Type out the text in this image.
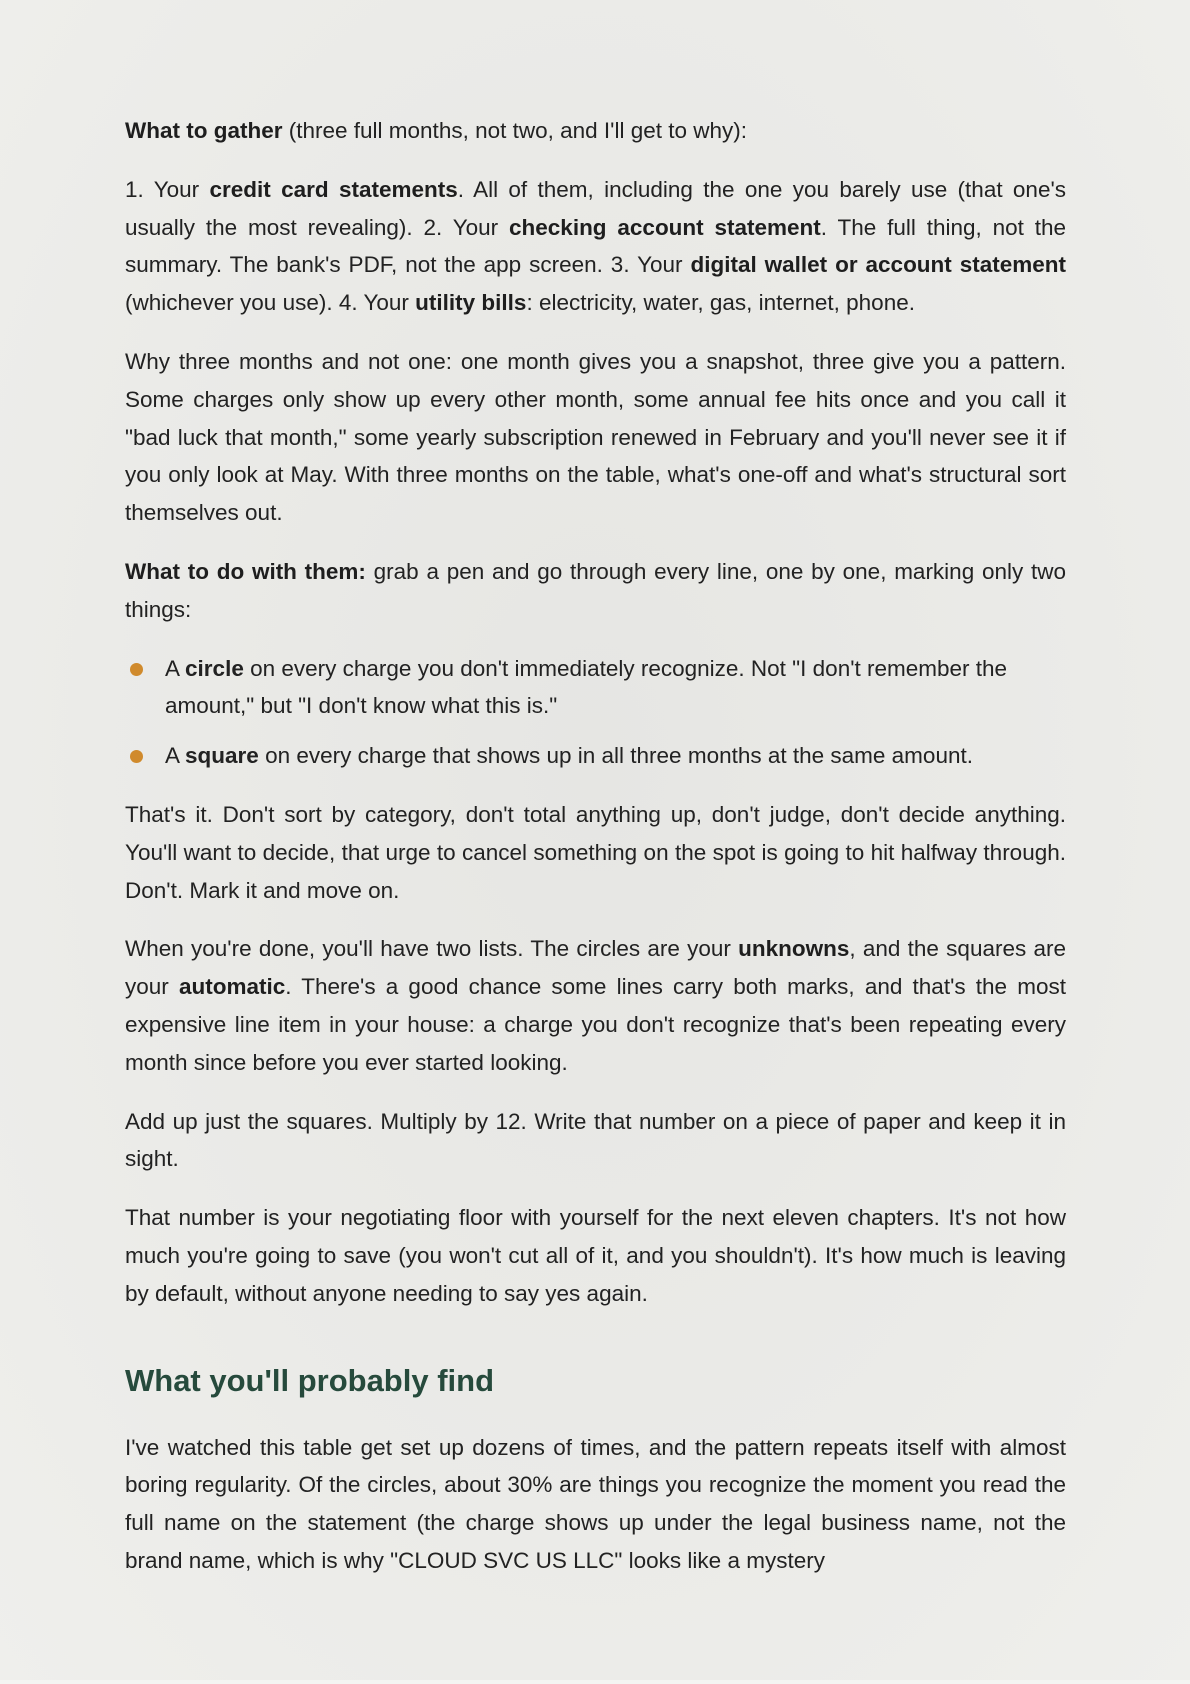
What to gather (three full months, not two, and I'll get to why):

1. Your credit card statements. All of them, including the one you barely use (that one's usually the most revealing). 2. Your checking account statement. The full thing, not the summary. The bank's PDF, not the app screen. 3. Your digital wallet or account statement (whichever you use). 4. Your utility bills: electricity, water, gas, internet, phone.

Why three months and not one: one month gives you a snapshot, three give you a pattern. Some charges only show up every other month, some annual fee hits once and you call it "bad luck that month," some yearly subscription renewed in February and you'll never see it if you only look at May. With three months on the table, what's one-off and what's structural sort themselves out.

What to do with them: grab a pen and go through every line, one by one, marking only two things:

A circle on every charge you don't immediately recognize. Not "I don't remember the amount," but "I don't know what this is."
A square on every charge that shows up in all three months at the same amount.

That's it. Don't sort by category, don't total anything up, don't judge, don't decide anything. You'll want to decide, that urge to cancel something on the spot is going to hit halfway through. Don't. Mark it and move on.

When you're done, you'll have two lists. The circles are your unknowns, and the squares are your automatic. There's a good chance some lines carry both marks, and that's the most expensive line item in your house: a charge you don't recognize that's been repeating every month since before you ever started looking.

Add up just the squares. Multiply by 12. Write that number on a piece of paper and keep it in sight.

That number is your negotiating floor with yourself for the next eleven chapters. It's not how much you're going to save (you won't cut all of it, and you shouldn't). It's how much is leaving by default, without anyone needing to say yes again.

What you'll probably find

I've watched this table get set up dozens of times, and the pattern repeats itself with almost boring regularity. Of the circles, about 30% are things you recognize the moment you read the full name on the statement (the charge shows up under the legal business name, not the brand name, which is why "CLOUD SVC US LLC" looks like a mystery
